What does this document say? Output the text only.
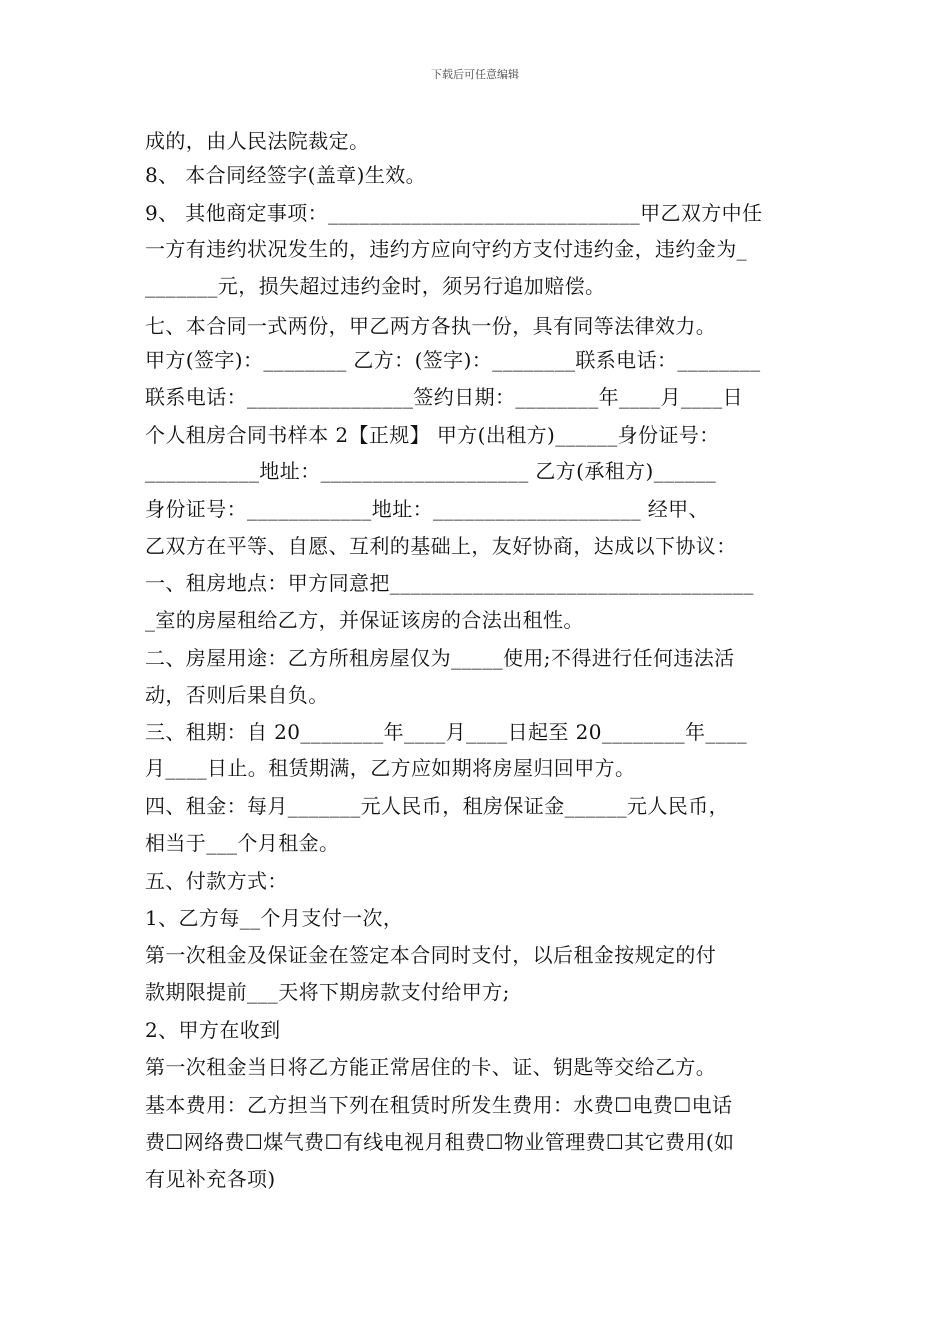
下载后可任意编辑
成的，由人民法院裁定。
8、 本合同经签字(盖章)生效。
9、 其他商定事项：______________________________甲乙双方中任
一方有违约状况发生的，违约方应向守约方支付违约金，违约金为_
_______元，损失超过违约金时，须另行追加赔偿。
七、本合同一式两份，甲乙两方各执一份，具有同等法律效力。
甲方(签字)：________ 乙方：(签字)：________联系电话：________
联系电话：________________签约日期：________年____月____日
个人租房合同书样本 2【正规】 甲方(出租方)______身份证号：
___________地址：____________________ 乙方(承租方)______
身份证号：____________地址：____________________ 经甲、
乙双方在平等、自愿、互利的基础上，友好协商，达成以下协议：
一、租房地点：甲方同意把___________________________________
_室的房屋租给乙方，并保证该房的合法出租性。
二、房屋用途：乙方所租房屋仅为_____使用;不得进行任何违法活
动，否则后果自负。
三、租期：自 20________年____月____日起至 20________年____
月____日止。租赁期满，乙方应如期将房屋归回甲方。
四、租金：每月_______元人民币，租房保证金______元人民币，
相当于___个月租金。
五、付款方式：
1、乙方每__个月支付一次，
第一次租金及保证金在签定本合同时支付，以后租金按规定的付
款期限提前___天将下期房款支付给甲方;
2、甲方在收到
第一次租金当日将乙方能正常居住的卡、证、钥匙等交给乙方。
基本费用：乙方担当下列在租赁时所发生费用：水费☐电费☐电话
费☐网络费☐煤气费☐有线电视月租费☐物业管理费☐其它费用(如
有见补充各项)
